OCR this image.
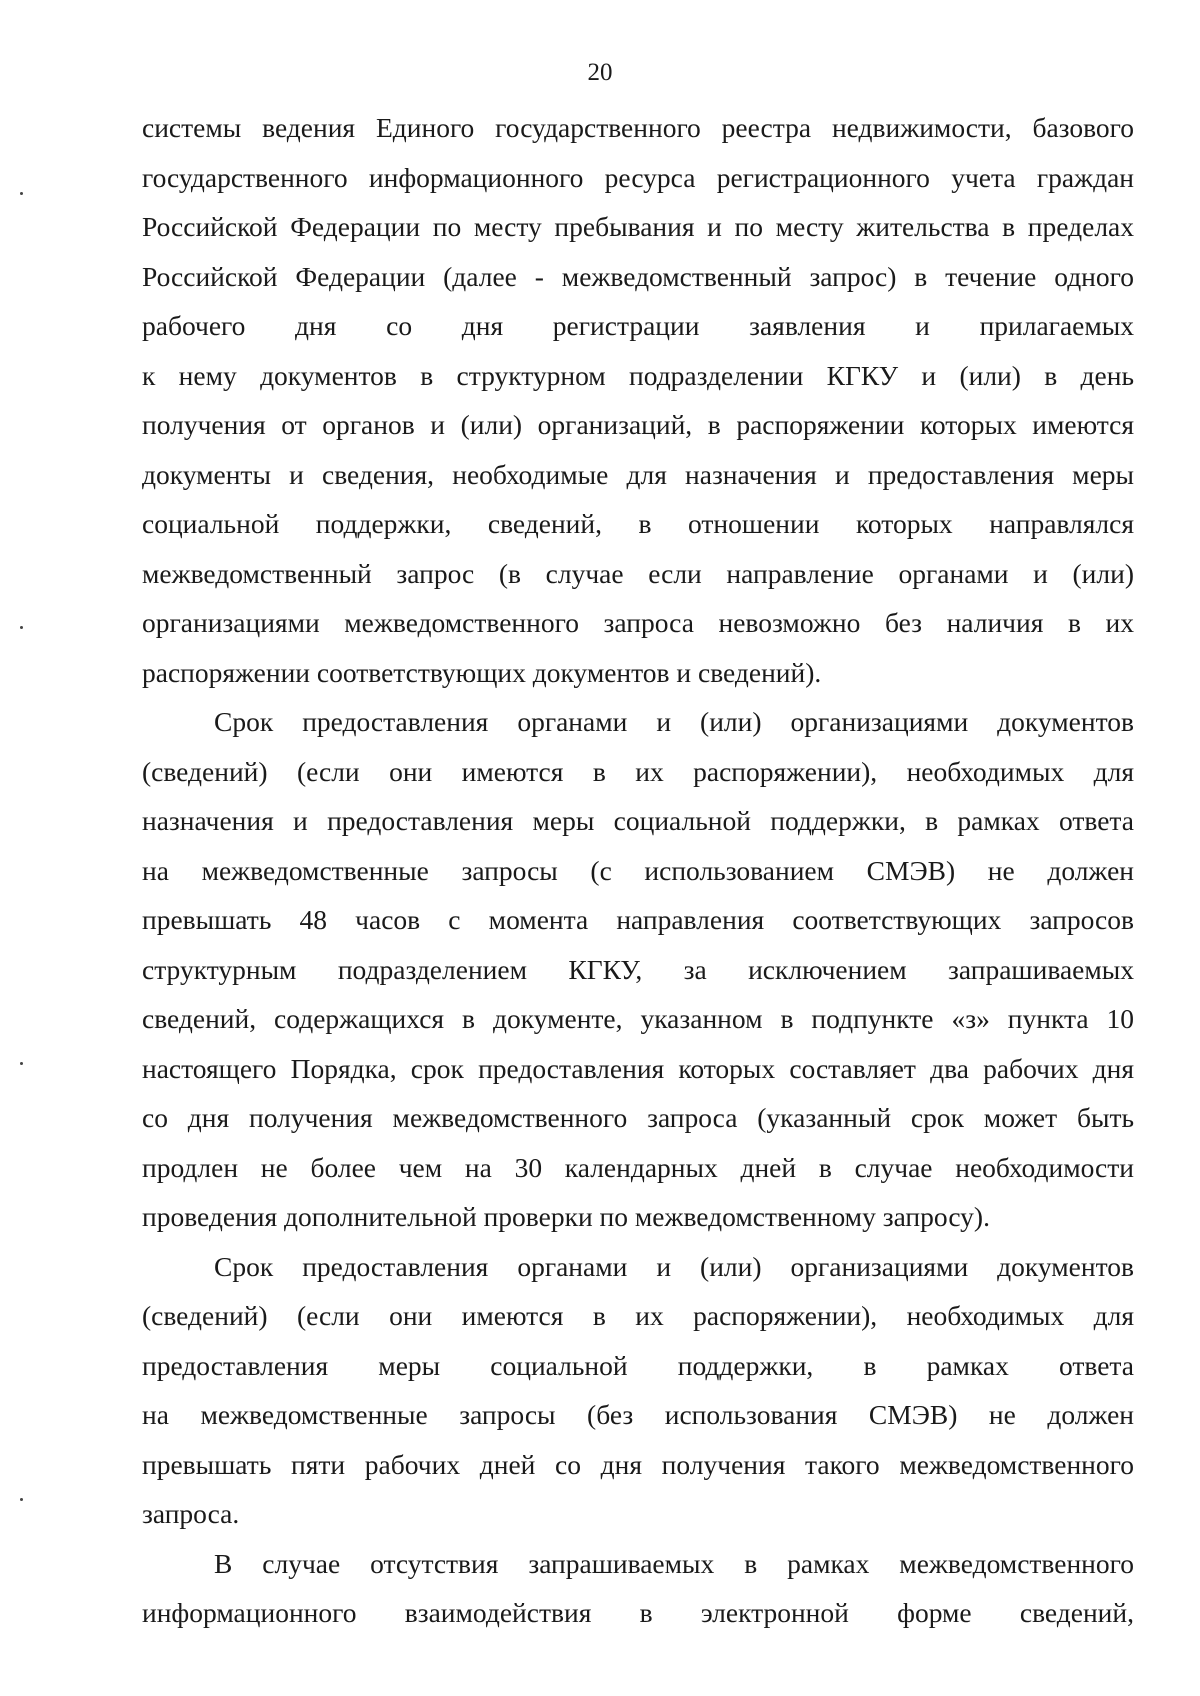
20
системы ведения Единого государственного реестра недвижимости, базового
государственного информационного ресурса регистрационного учета граждан
Российской Федерации по месту пребывания и по месту жительства в пределах
Российской Федерации (далее - межведомственный запрос) в течение одного
рабочего дня со дня регистрации заявления и прилагаемых
к нему документов в структурном подразделении КГКУ и (или) в день
получения от органов и (или) организаций, в распоряжении которых имеются
документы и сведения, необходимые для назначения и предоставления меры
социальной поддержки, сведений, в отношении которых направлялся
межведомственный запрос (в случае если направление органами и (или)
организациями межведомственного запроса невозможно без наличия в их
распоряжении соответствующих документов и сведений).
Срок предоставления органами и (или) организациями документов
(сведений) (если они имеются в их распоряжении), необходимых для
назначения и предоставления меры социальной поддержки, в рамках ответа
на межведомственные запросы (с использованием СМЭВ) не должен
превышать 48 часов с момента направления соответствующих запросов
структурным подразделением КГКУ, за исключением запрашиваемых
сведений, содержащихся в документе, указанном в подпункте «з» пункта 10
настоящего Порядка, срок предоставления которых составляет два рабочих дня
со дня получения межведомственного запроса (указанный срок может быть
продлен не более чем на 30 календарных дней в случае необходимости
проведения дополнительной проверки по межведомственному запросу).
Срок предоставления органами и (или) организациями документов
(сведений) (если они имеются в их распоряжении), необходимых для
предоставления меры социальной поддержки, в рамках ответа
на межведомственные запросы (без использования СМЭВ) не должен
превышать пяти рабочих дней со дня получения такого межведомственного
запроса.
В случае отсутствия запрашиваемых в рамках межведомственного
информационного взаимодействия в электронной форме сведений,
